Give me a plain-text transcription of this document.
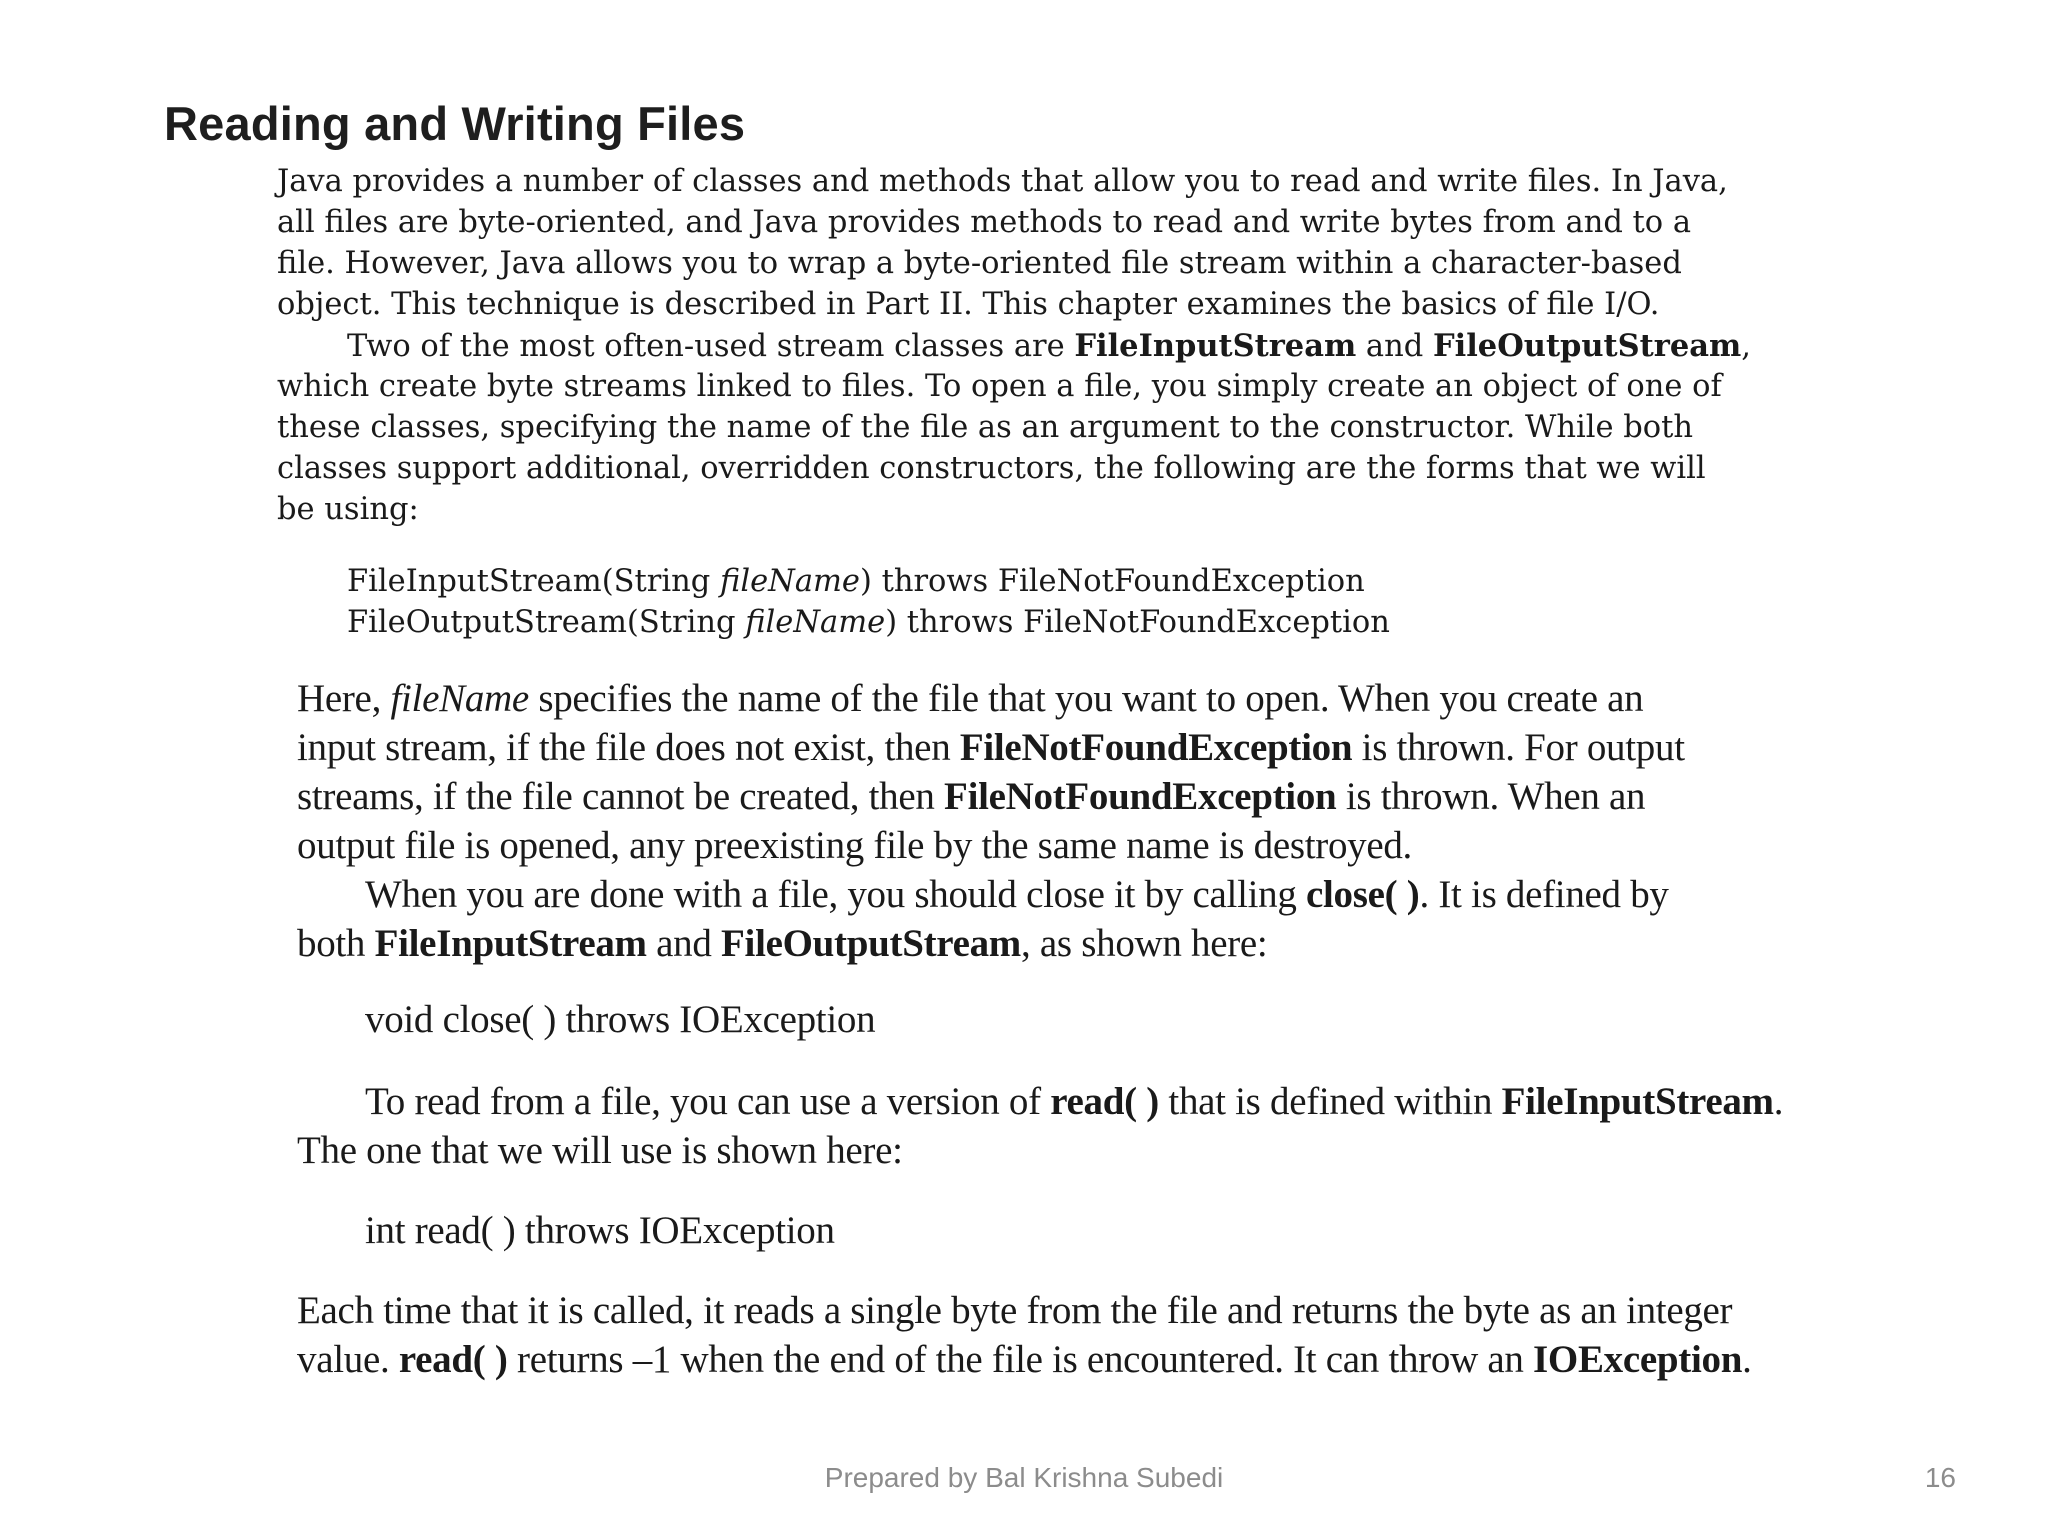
Reading and Writing Files
Java provides a number of classes and methods that allow you to read and write files. In Java,
all files are byte-oriented, and Java provides methods to read and write bytes from and to a
file. However, Java allows you to wrap a byte-oriented file stream within a character-based
object. This technique is described in Part II. This chapter examines the basics of file I/O.
Two of the most often-used stream classes are FileInputStream and FileOutputStream,
which create byte streams linked to files. To open a file, you simply create an object of one of
these classes, specifying the name of the file as an argument to the constructor. While both
classes support additional, overridden constructors, the following are the forms that we will
be using:
FileInputStream(String fileName) throws FileNotFoundException
FileOutputStream(String fileName) throws FileNotFoundException
Here, fileName specifies the name of the file that you want to open. When you create an
input stream, if the file does not exist, then FileNotFoundException is thrown. For output
streams, if the file cannot be created, then FileNotFoundException is thrown. When an
output file is opened, any preexisting file by the same name is destroyed.
When you are done with a file, you should close it by calling close( ). It is defined by
both FileInputStream and FileOutputStream, as shown here:
void close( ) throws IOException
To read from a file, you can use a version of read( ) that is defined within FileInputStream.
The one that we will use is shown here:
int read( ) throws IOException
Each time that it is called, it reads a single byte from the file and returns the byte as an integer
value. read( ) returns –1 when the end of the file is encountered. It can throw an IOException.
Prepared by Bal Krishna Subedi	16
